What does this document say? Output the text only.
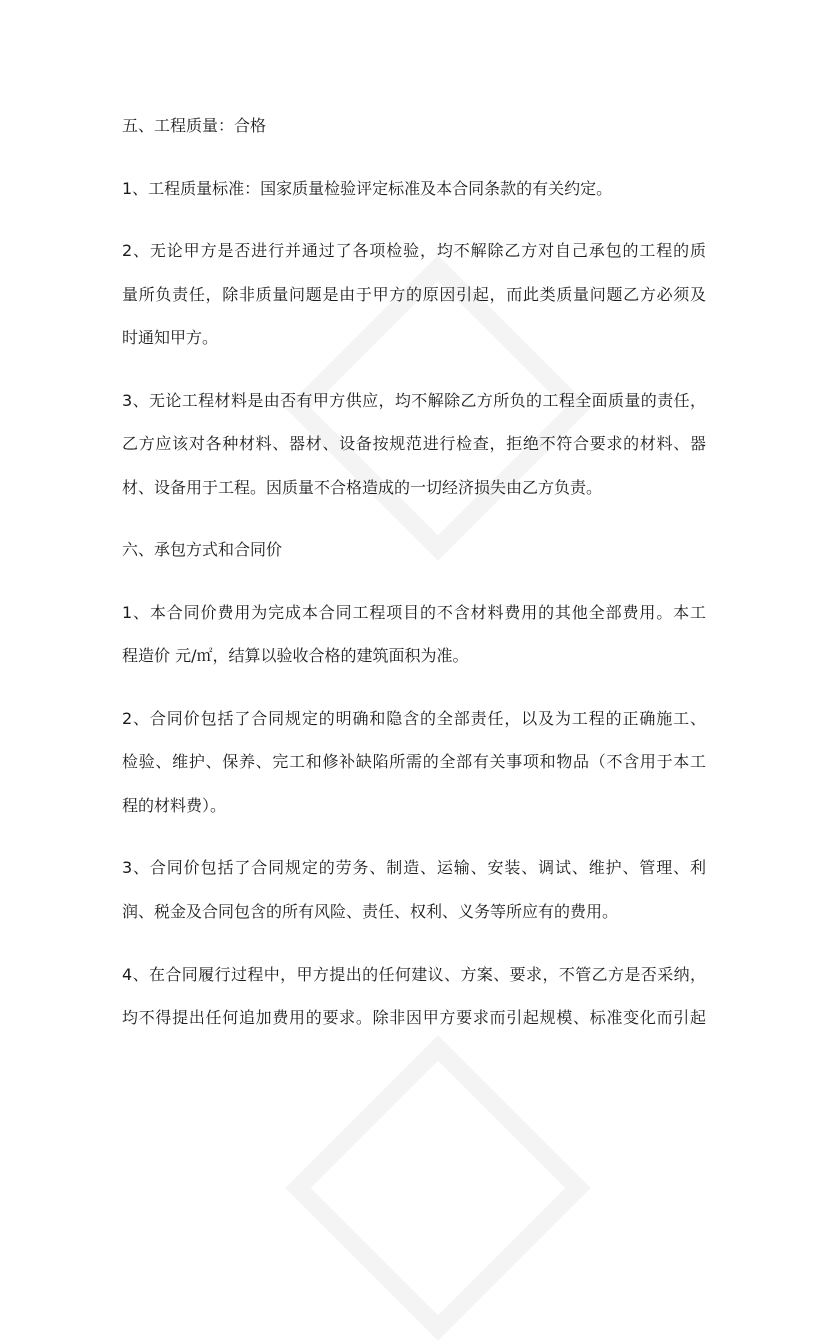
五、工程质量：合格
1、工程质量标准：国家质量检验评定标准及本合同条款的有关约定。
2、无论甲方是否进行并通过了各项检验，均不解除乙方对自己承包的工程的质
量所负责任，除非质量问题是由于甲方的原因引起，而此类质量问题乙方必须及
时通知甲方。
3、无论工程材料是由否有甲方供应，均不解除乙方所负的工程全面质量的责任，
乙方应该对各种材料、器材、设备按规范进行检查，拒绝不符合要求的材料、器
材、设备用于工程。因质量不合格造成的一切经济损失由乙方负责。
六、承包方式和合同价
1、本合同价费用为完成本合同工程项目的不含材料费用的其他全部费用。本工
程造价 元/㎡，结算以验收合格的建筑面积为准。
2、合同价包括了合同规定的明确和隐含的全部责任，以及为工程的正确施工、
检验、维护、保养、完工和修补缺陷所需的全部有关事项和物品（不含用于本工
程的材料费）。
3、合同价包括了合同规定的劳务、制造、运输、安装、调试、维护、管理、利
润、税金及合同包含的所有风险、责任、权利、义务等所应有的费用。
4、在合同履行过程中，甲方提出的任何建议、方案、要求，不管乙方是否采纳，
均不得提出任何追加费用的要求。除非因甲方要求而引起规模、标准变化而引起
